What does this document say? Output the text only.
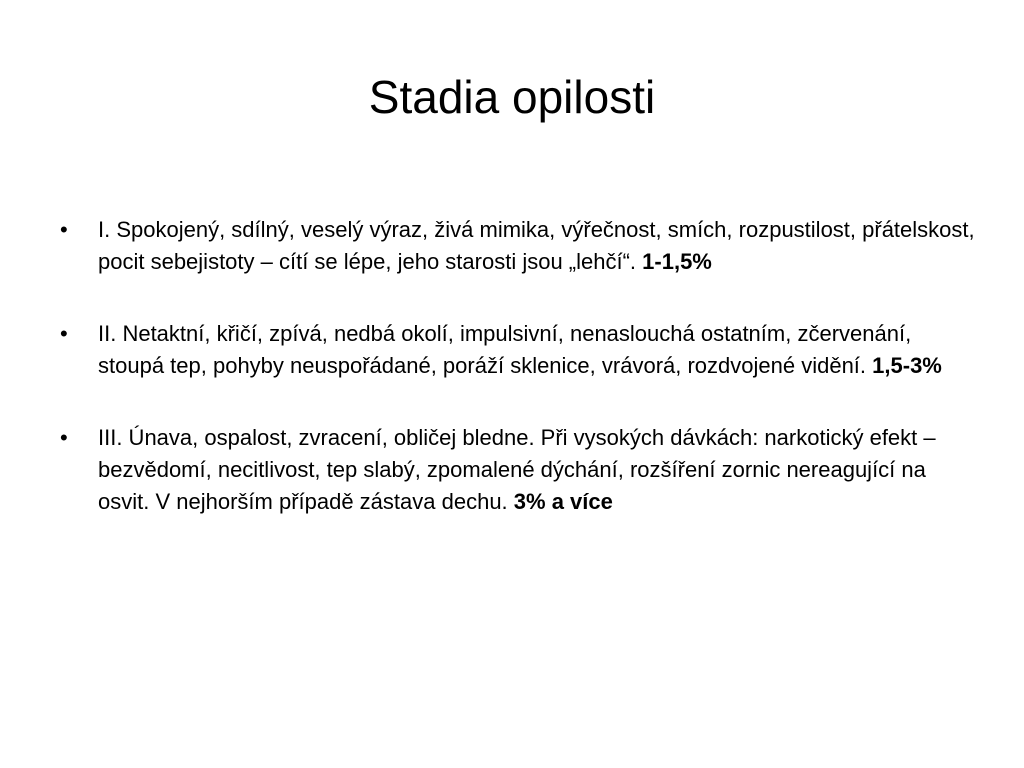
Stadia opilosti
•	I. Spokojený, sdílný, veselý výraz, živá mimika, výřečnost, smích, rozpustilost, přátelskost, pocit sebejistoty – cítí se lépe, jeho starosti jsou „lehčí“. 1-1,5%
•	II. Netaktní, křičí, zpívá, nedbá okolí, impulsivní, nenaslouchá ostatním, zčervenání, stoupá tep, pohyby neuspořádané, poráží sklenice, vrávorá, rozdvojené vidění. 1,5-3%
•	III. Únava, ospalost, zvracení, obličej bledne. Při vysokých dávkách: narkotický efekt – bezvědomí, necitlivost, tep slabý, zpomalené dýchání, rozšíření zornic nereagující na osvit. V nejhorším případě zástava dechu. 3% a více
